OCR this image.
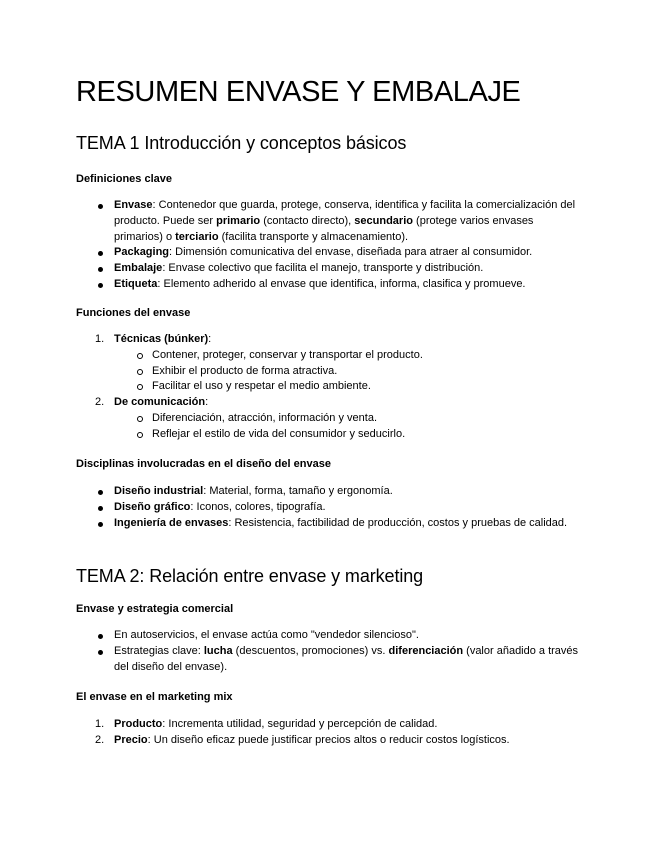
RESUMEN ENVASE Y EMBALAJE
TEMA 1 Introducción y conceptos básicos
Definiciones clave
Envase: Contenedor que guarda, protege, conserva, identifica y facilita la comercialización del producto. Puede ser primario (contacto directo), secundario (protege varios envases primarios) o terciario (facilita transporte y almacenamiento).
Packaging: Dimensión comunicativa del envase, diseñada para atraer al consumidor.
Embalaje: Envase colectivo que facilita el manejo, transporte y distribución.
Etiqueta: Elemento adherido al envase que identifica, informa, clasifica y promueve.
Funciones del envase
1. Técnicas (búnker):
Contener, proteger, conservar y transportar el producto.
Exhibir el producto de forma atractiva.
Facilitar el uso y respetar el medio ambiente.
2. De comunicación:
Diferenciación, atracción, información y venta.
Reflejar el estilo de vida del consumidor y seducirlo.
Disciplinas involucradas en el diseño del envase
Diseño industrial: Material, forma, tamaño y ergonomía.
Diseño gráfico: Iconos, colores, tipografía.
Ingeniería de envases: Resistencia, factibilidad de producción, costos y pruebas de calidad.
TEMA 2: Relación entre envase y marketing
Envase y estrategia comercial
En autoservicios, el envase actúa como "vendedor silencioso".
Estrategias clave: lucha (descuentos, promociones) vs. diferenciación (valor añadido a través del diseño del envase).
El envase en el marketing mix
1. Producto: Incrementa utilidad, seguridad y percepción de calidad.
2. Precio: Un diseño eficaz puede justificar precios altos o reducir costos logísticos.
